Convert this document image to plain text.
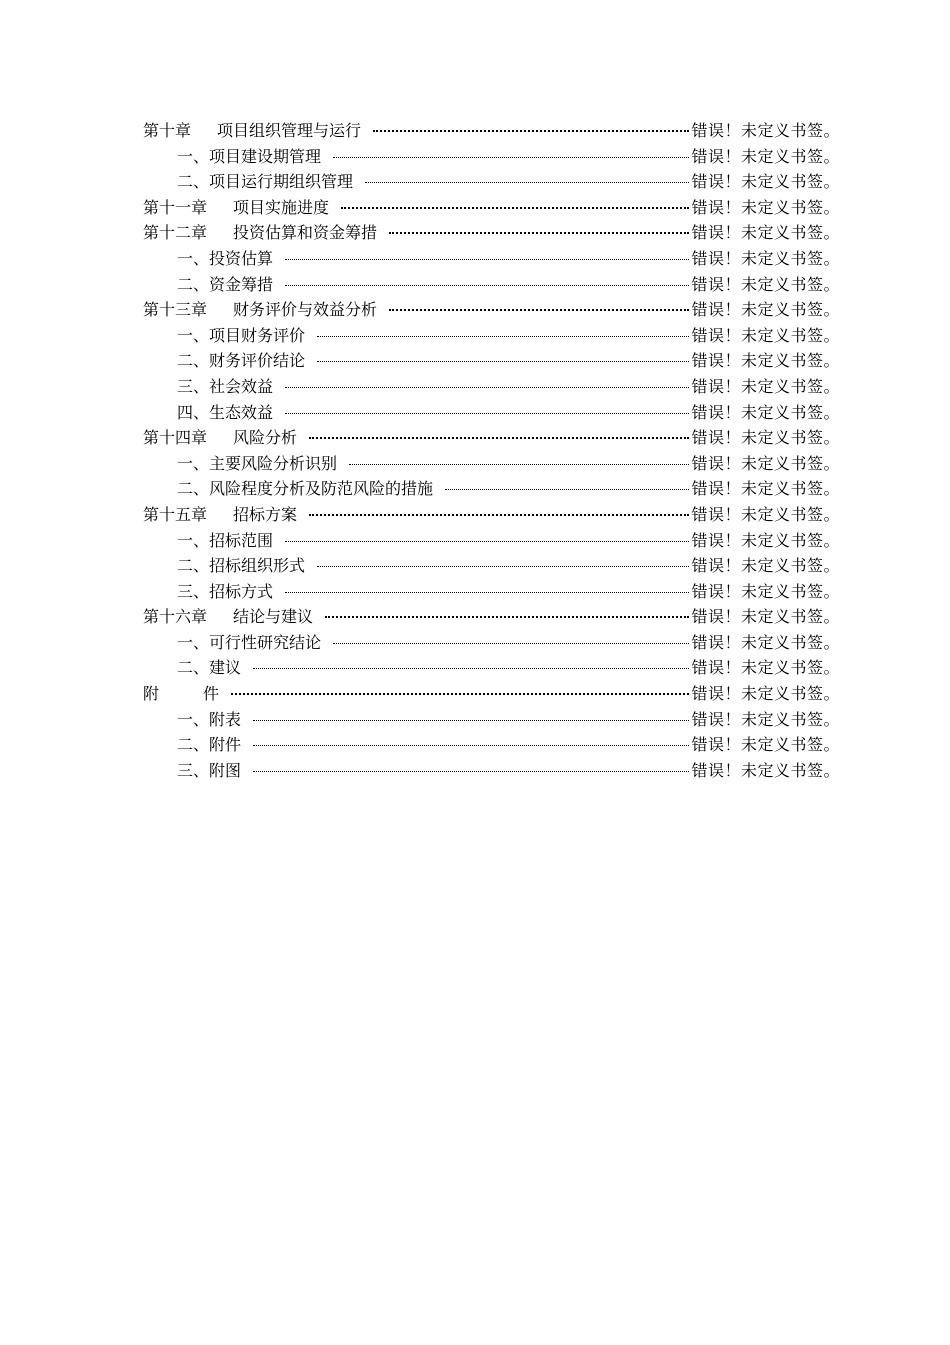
第十章 项目组织管理与运行	错误！未定义书签。
一、项目建设期管理	错误！未定义书签。
二、项目运行期组织管理	错误！未定义书签。
第十一章 项目实施进度	错误！未定义书签。
第十二章 投资估算和资金筹措	错误！未定义书签。
一、投资估算	错误！未定义书签。
二、资金筹措	错误！未定义书签。
第十三章 财务评价与效益分析	错误！未定义书签。
一、项目财务评价	错误！未定义书签。
二、财务评价结论	错误！未定义书签。
三、社会效益	错误！未定义书签。
四、生态效益	错误！未定义书签。
第十四章 风险分析	错误！未定义书签。
一、主要风险分析识别	错误！未定义书签。
二、风险程度分析及防范风险的措施	错误！未定义书签。
第十五章 招标方案	错误！未定义书签。
一、招标范围	错误！未定义书签。
二、招标组织形式	错误！未定义书签。
三、招标方式	错误！未定义书签。
第十六章 结论与建议	错误！未定义书签。
一、可行性研究结论	错误！未定义书签。
二、建议	错误！未定义书签。
附	件	错误！未定义书签。
一、附表	错误！未定义书签。
二、附件	错误！未定义书签。
三、附图	错误！未定义书签。
